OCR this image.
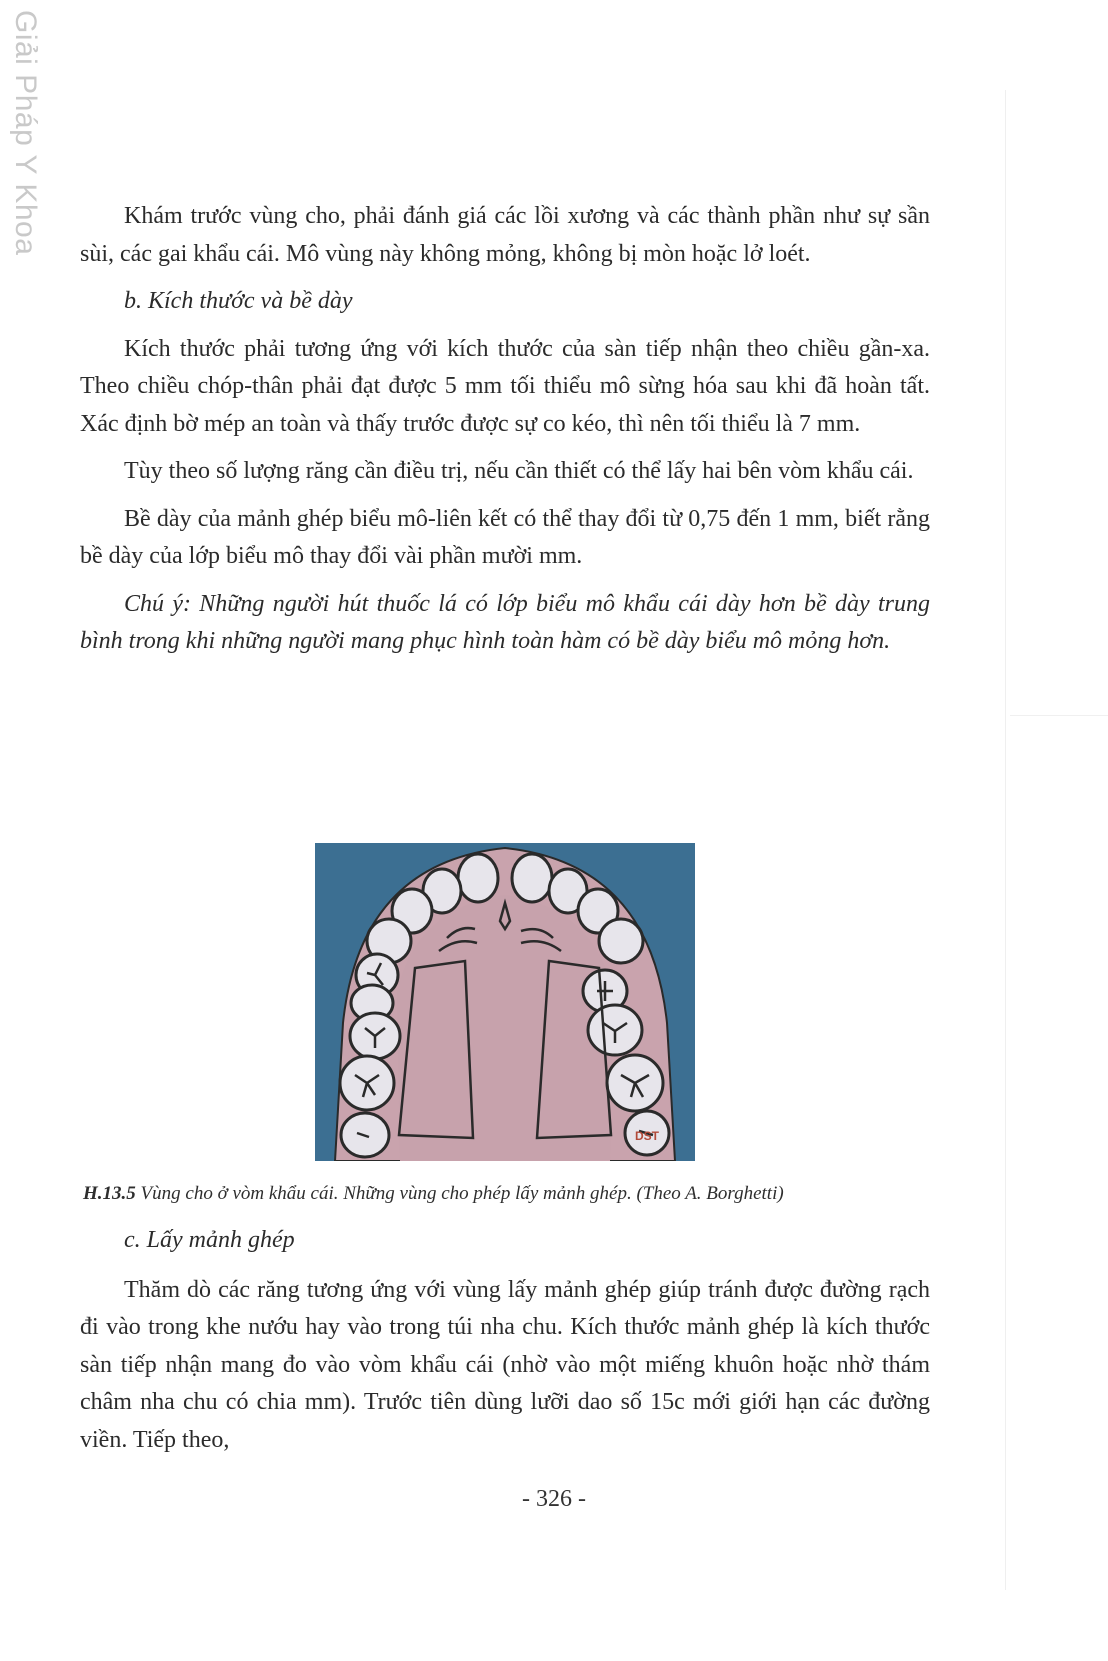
Giải Pháp Y Khoa	Khám trước vùng cho, phải đánh giá các lồi xương và các thành phần như sự sần sùi, các gai khẩu cái. Mô vùng này không mỏng, không bị mòn hoặc lở loét.

b. Kích thước và bề dày

Kích thước phải tương ứng với kích thước của sàn tiếp nhận theo chiều gần-xa. Theo chiều chóp-thân phải đạt được 5 mm tối thiểu mô sừng hóa sau khi đã hoàn tất. Xác định bờ mép an toàn và thấy trước được sự co kéo, thì nên tối thiểu là 7 mm.

Tùy theo số lượng răng cần điều trị, nếu cần thiết có thể lấy hai bên vòm khẩu cái.

Bề dày của mảnh ghép biểu mô-liên kết có thể thay đổi từ 0,75 đến 1 mm, biết rằng bề dày của lớp biểu mô thay đổi vài phần mười mm.

Chú ý: Những người hút thuốc lá có lớp biểu mô khẩu cái dày hơn bề dày trung bình trong khi những người mang phục hình toàn hàm có bề dày biểu mô mỏng hơn.

DST
H.13.5 Vùng cho ở vòm khẩu cái. Những vùng cho phép lấy mảnh ghép. (Theo A. Borghetti)

c. Lấy mảnh ghép

Thăm dò các răng tương ứng với vùng lấy mảnh ghép giúp tránh được đường rạch đi vào trong khe nướu hay vào trong túi nha chu. Kích thước mảnh ghép là kích thước sàn tiếp nhận mang đo vào vòm khẩu cái (nhờ vào một miếng khuôn hoặc nhờ thám châm nha chu có chia mm). Trước tiên dùng lưỡi dao số 15c mới giới hạn các đường viền. Tiếp theo,

- 326 -
